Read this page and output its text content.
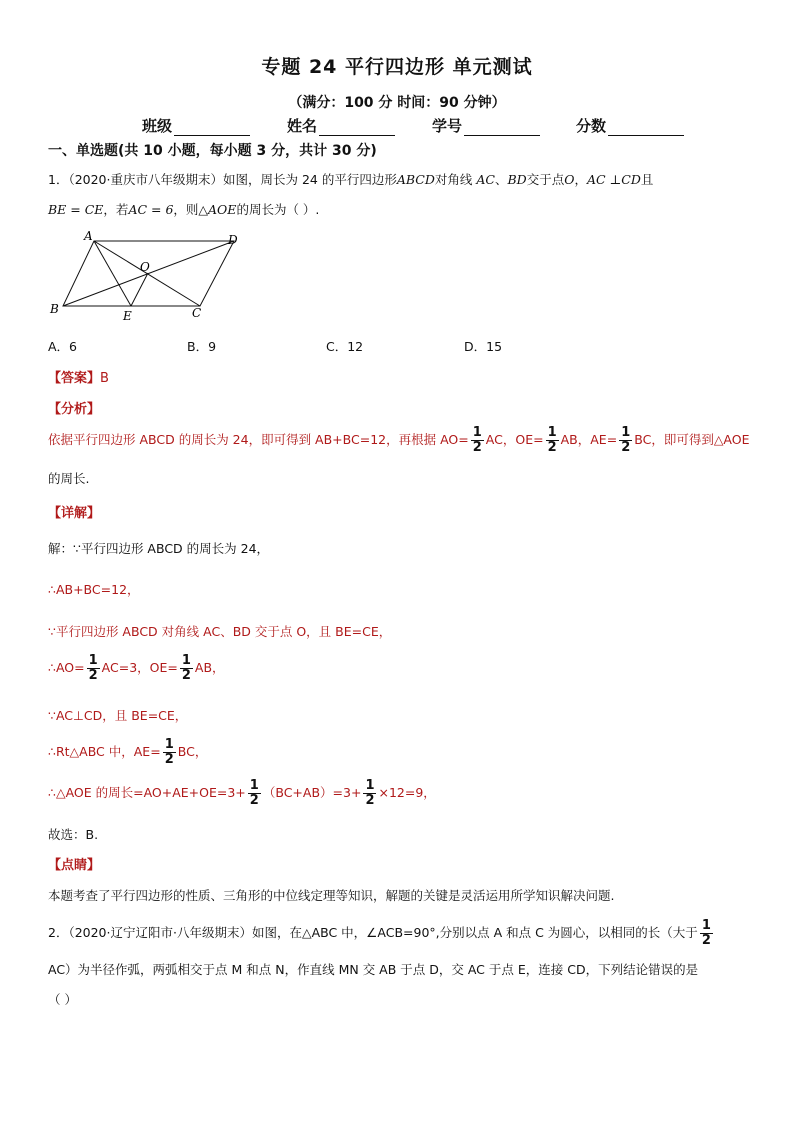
专题 24 平行四边形 单元测试
（满分：100 分 时间：90 分钟）
班级	姓名	学号	分数
一、单选题(共 10 小题，每小题 3 分，共计 30 分)
1．（2020·重庆市八年级期末）如图，周长为 24 的平行四边形ABCD对角线 AC、BD交于点O，AC ⊥CD且
BE = CE，若AC = 6，则△AOE的周长为（ ）.
A	D
O
B	E	C
A．6	B．9	C．12	D．15
【答案】B
【分析】
依据平行四边形 ABCD 的周长为 24，即可得到 AB+BC=12，再根据 $AO= \frac{1}{2}$ AC，$OE= \frac{1}{2}$ AB，$AE= \frac{1}{2}$ BC，即可得到△AOE
的周长.
【详解】
解：∵平行四边形 ABCD 的周长为 24，
∴AB+BC=12，
∵平行四边形 ABCD 对角线 AC、BD 交于点 O，且 BE=CE，
∴AO= $\frac{1}{2} AC=3$，$OE= \frac{1}{2}$ AB，
∵AC⊥CD，且 BE=CE，
∴Rt△ABC 中，$AE= \frac{1}{2}$ BC，
∴△AOE 的周长$=AO+AE+OE=3+ \frac{1}{2} (BC+AB)=3+ \frac{1}{2} \times 12=9$，
故选：B.
【点睛】
本题考查了平行四边形的性质、三角形的中位线定理等知识，解题的关键是灵活运用所学知识解决问题.
2．（2020·辽宁辽阳市·八年级期末）如图，在△ABC 中，∠ACB=90°,分别以点 A 和点 C 为圆心，以相同的长（大于 $\frac{1}{2}$
AC）为半径作弧，两弧相交于点 M 和点 N，作直线 MN 交 AB 于点 D，交 AC 于点 E，连接 CD，下列结论错误的是
（ ）
